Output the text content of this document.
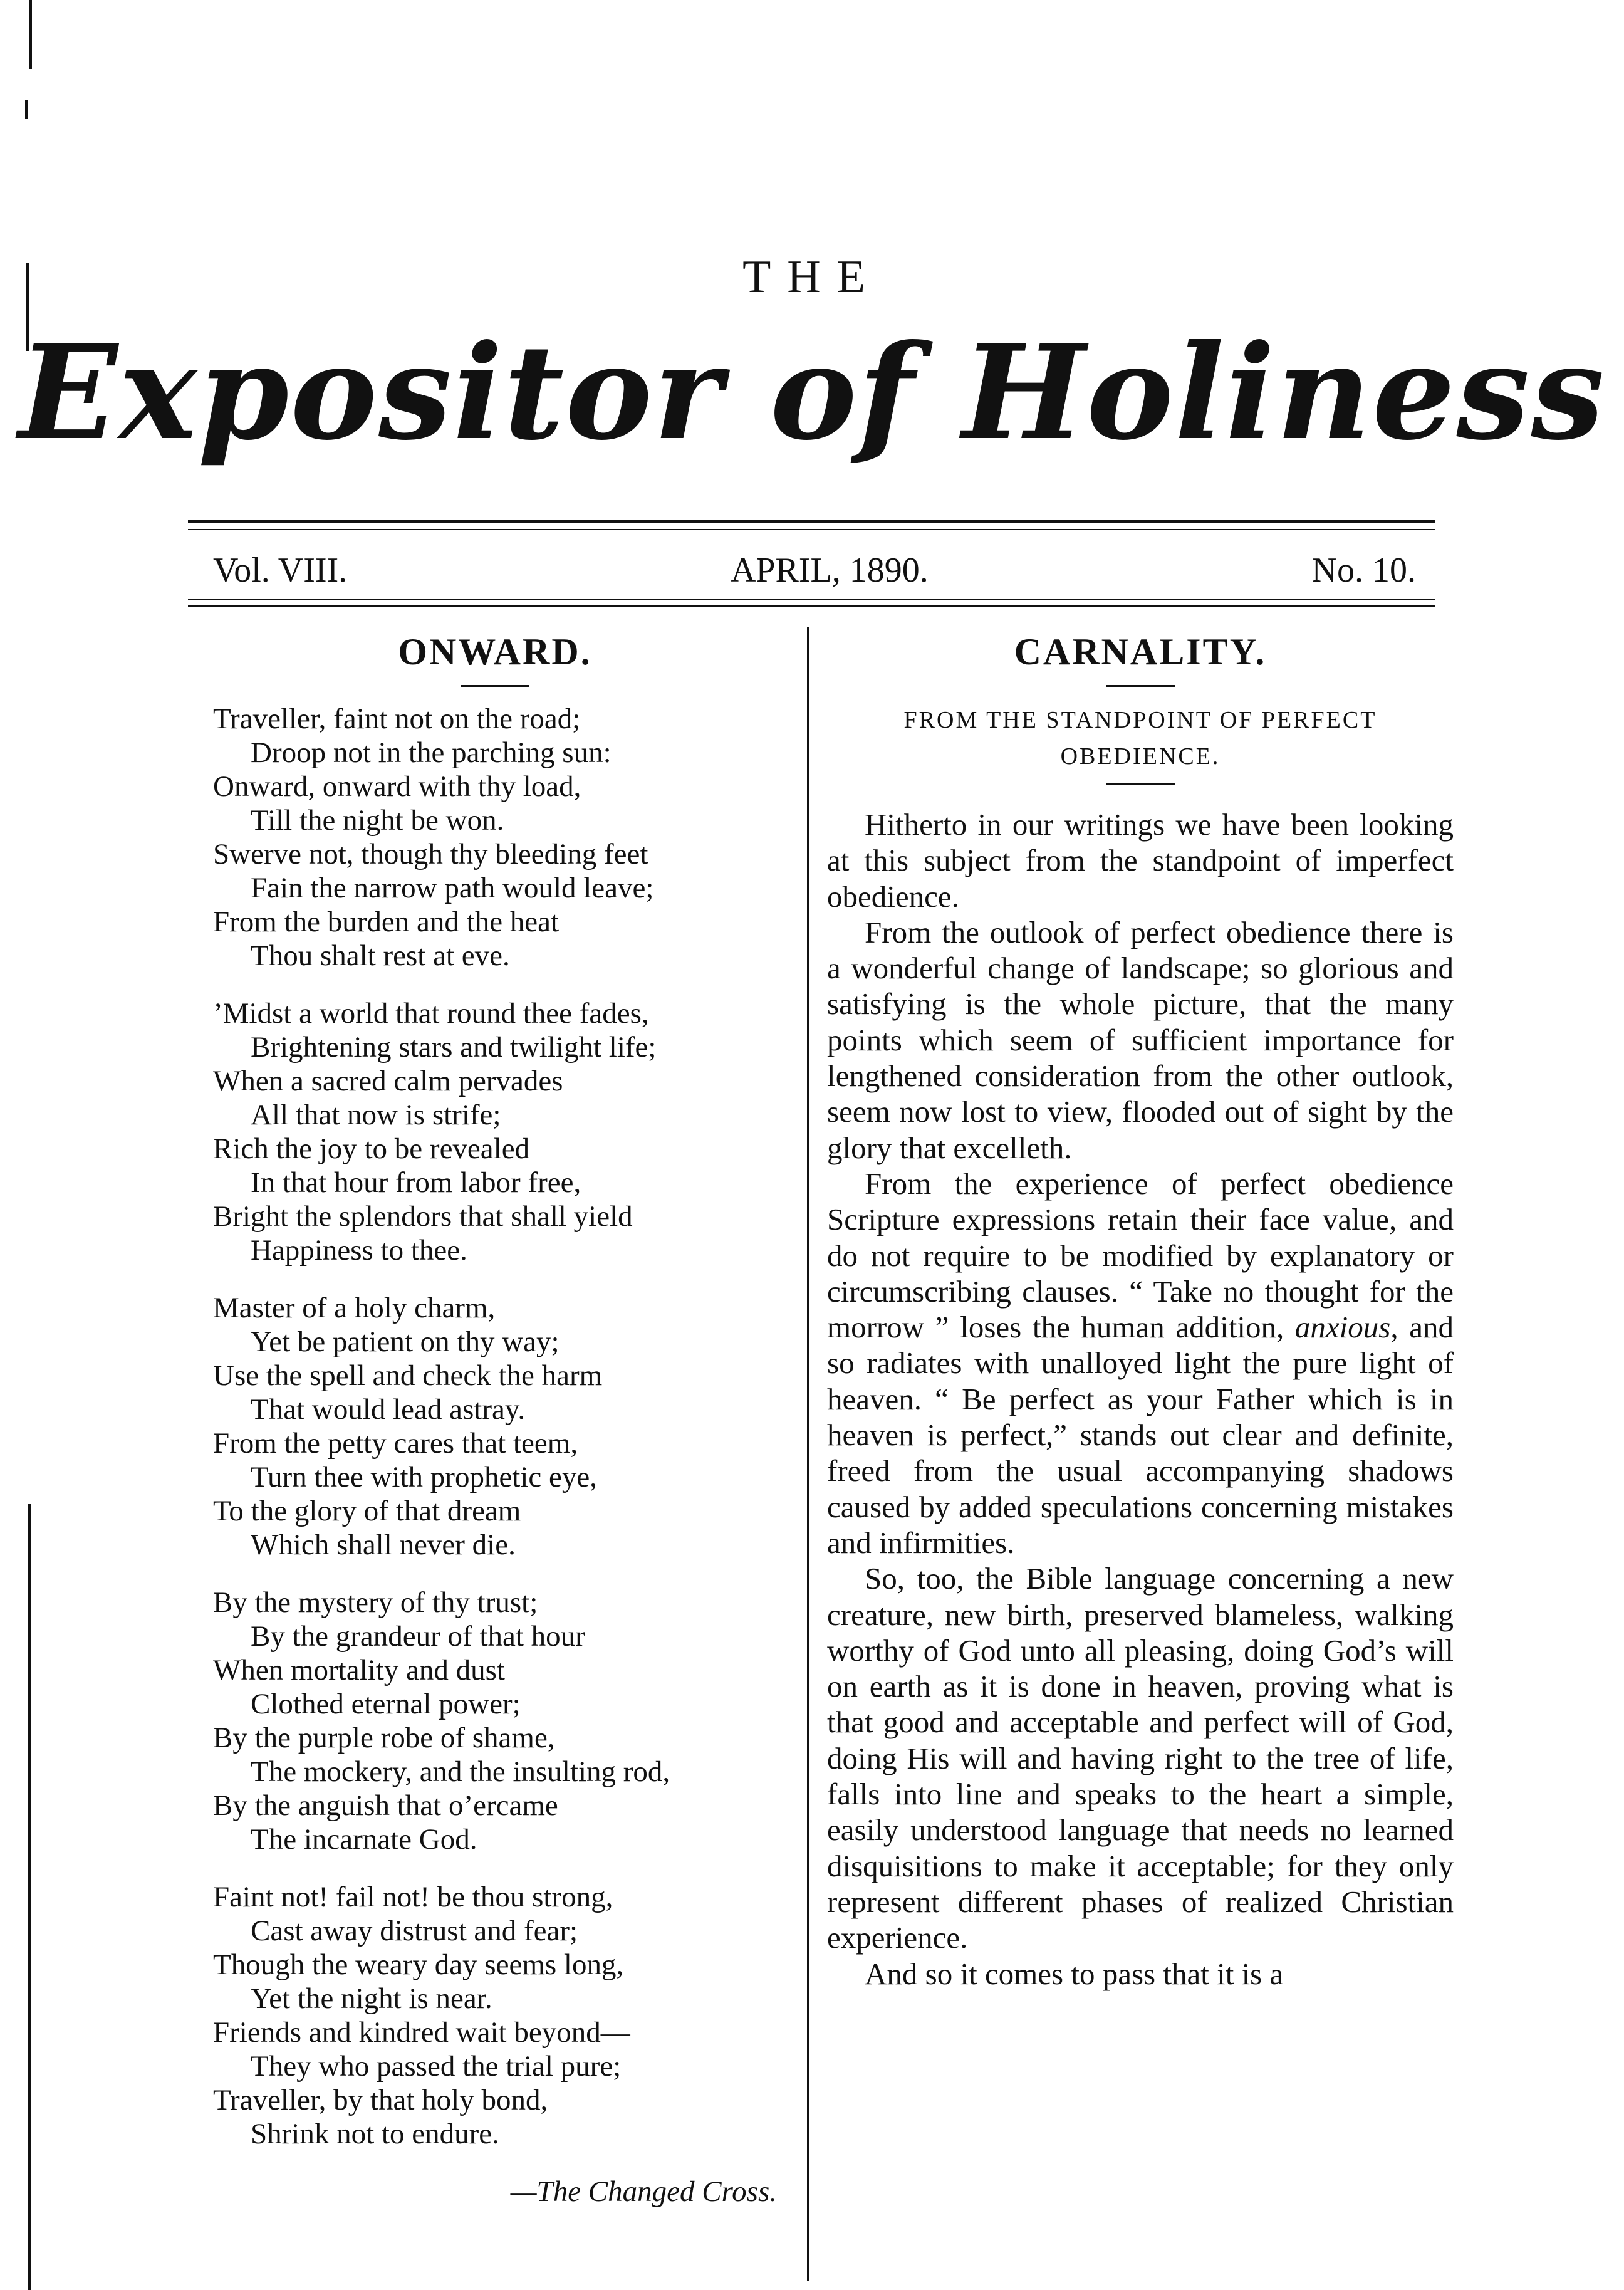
THE
Expositor of Holiness
Vol. VIII.	APRIL, 1890.	No. 10.
ONWARD.
Traveller, faint not on the road;
Droop not in the parching sun:
Onward, onward with thy load,
Till the night be won.
Swerve not, though thy bleeding feet
Fain the narrow path would leave;
From the burden and the heat
Thou shalt rest at eve.
’Midst a world that round thee fades,
Brightening stars and twilight life;
When a sacred calm pervades
All that now is strife;
Rich the joy to be revealed
In that hour from labor free,
Bright the splendors that shall yield
Happiness to thee.
Master of a holy charm,
Yet be patient on thy way;
Use the spell and check the harm
That would lead astray.
From the petty cares that teem,
Turn thee with prophetic eye,
To the glory of that dream
Which shall never die.
By the mystery of thy trust;
By the grandeur of that hour
When mortality and dust
Clothed eternal power;
By the purple robe of shame,
The mockery, and the insulting rod,
By the anguish that o’ercame
The incarnate God.
Faint not! fail not! be thou strong,
Cast away distrust and fear;
Though the weary day seems long,
Yet the night is near.
Friends and kindred wait beyond—
They who passed the trial pure;
Traveller, by that holy bond,
Shrink not to endure.

—The Changed Cross.

CARNALITY.

FROM THE STANDPOINT OF PERFECT

OBEDIENCE.

Hitherto in our writings we have been looking at this subject from the standpoint of imperfect obedience.

From the outlook of perfect obedience there is a wonderful change of landscape; so glorious and satisfying is the whole picture, that the many points which seem of sufficient importance for lengthened consideration from the other outlook, seem now lost to view, flooded out of sight by the glory that excelleth.

From the experience of perfect obedience Scripture expressions retain their face value, and do not require to be modified by explanatory or circumscribing clauses. “ Take no thought for the morrow ” loses the human addition, anxious, and so radiates with unalloyed light the pure light of heaven. “ Be perfect as your Father which is in heaven is perfect,” stands out clear and definite, freed from the usual accompanying shadows caused by added speculations concerning mistakes and infirmities.

So, too, the Bible language concerning a new creature, new birth, preserved blameless, walking worthy of God unto all pleasing, doing God’s will on earth as it is done in heaven, proving what is that good and acceptable and perfect will of God, doing His will and having right to the tree of life, falls into line and speaks to the heart a simple, easily understood language that needs no learned disquisitions to make it acceptable; for they only represent different phases of realized Christian experience.

And so it comes to pass that it is a
